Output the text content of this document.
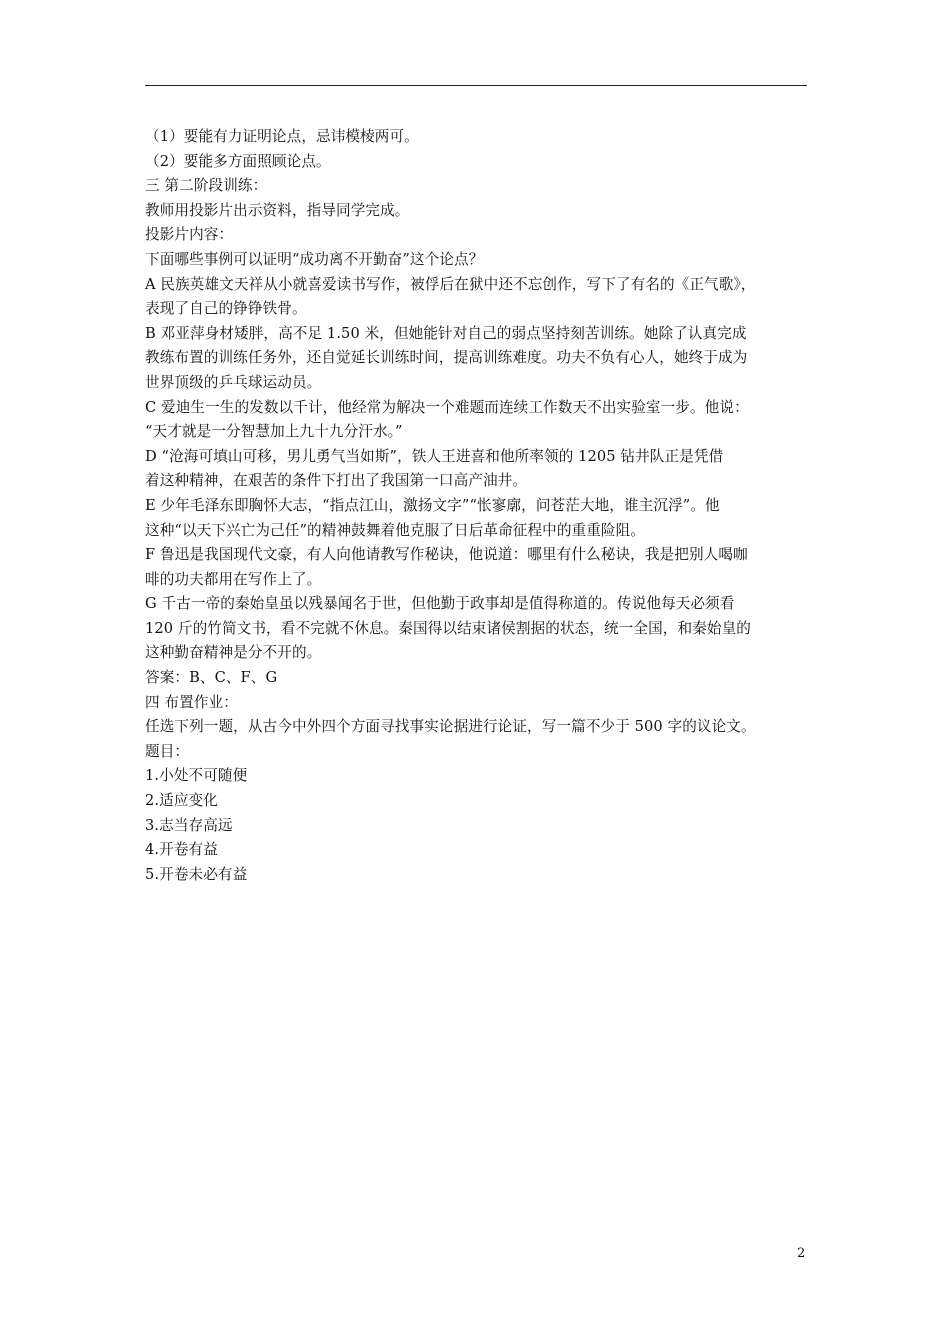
（1）要能有力证明论点，忌讳模棱两可。
（2）要能多方面照顾论点。
三 第二阶段训练：
教师用投影片出示资料，指导同学完成。
投影片内容：
下面哪些事例可以证明“成功离不开勤奋”这个论点？
A 民族英雄文天祥从小就喜爱读书写作，被俘后在狱中还不忘创作，写下了有名的《正气歌》，
表现了自己的铮铮铁骨。
B 邓亚萍身材矮胖，高不足 1.50 米，但她能针对自己的弱点坚持刻苦训练。她除了认真完成
教练布置的训练任务外，还自觉延长训练时间，提高训练难度。功夫不负有心人，她终于成为
世界顶级的乒乓球运动员。
C 爱迪生一生的发数以千计，他经常为解决一个难题而连续工作数天不出实验室一步。他说：
“天才就是一分智慧加上九十九分汗水。”
D “沧海可填山可移，男儿勇气当如斯”，铁人王进喜和他所率领的 1205 钻井队正是凭借
着这种精神，在艰苦的条件下打出了我国第一口高产油井。
E 少年毛泽东即胸怀大志，“指点江山，激扬文字”“怅寥廓，问苍茫大地，谁主沉浮”。他
这种“以天下兴亡为己任”的精神鼓舞着他克服了日后革命征程中的重重险阻。
F 鲁迅是我国现代文豪，有人向他请教写作秘诀，他说道：哪里有什么秘诀，我是把别人喝咖
啡的功夫都用在写作上了。
G 千古一帝的秦始皇虽以残暴闻名于世，但他勤于政事却是值得称道的。传说他每天必须看
120 斤的竹简文书，看不完就不休息。秦国得以结束诸侯割据的状态，统一全国，和秦始皇的
这种勤奋精神是分不开的。
答案：B、C、F、G
四 布置作业：
任选下列一题，从古今中外四个方面寻找事实论据进行论证，写一篇不少于 500 字的议论文。
题目：
1.小处不可随便
2.适应变化
3.志当存高远
4.开卷有益
5.开卷未必有益
2
